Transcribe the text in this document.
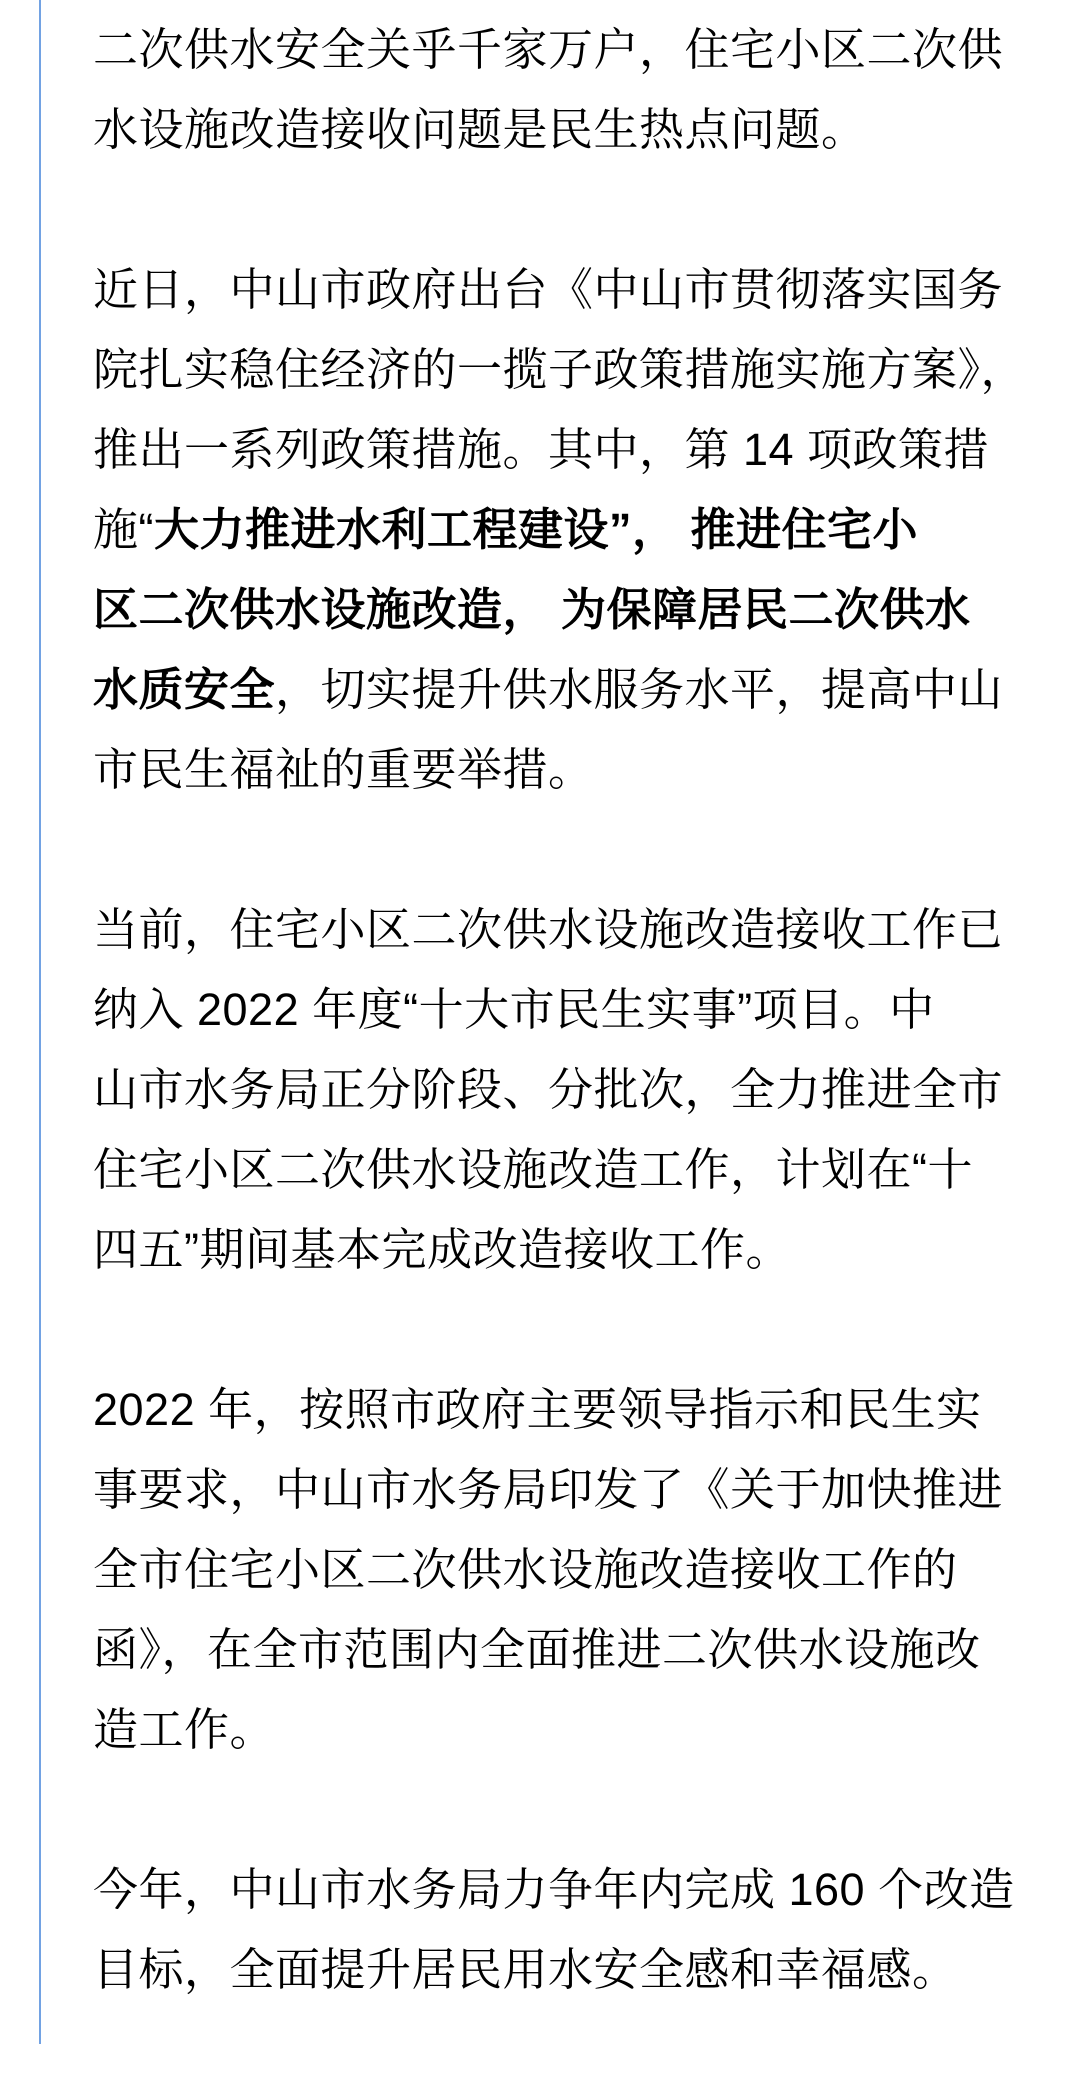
二次供水安全关乎千家万户，住宅小区二次供
水设施改造接收问题是民生热点问题。

近日，中山市政府出台《中山市贯彻落实国务
院扎实稳住经济的一揽子政策措施实施方案》，
推出一系列政策措施。其中，第 14 项政策措
施“大力推进水利工程建设”， 推进住宅小
区二次供水设施改造， 为保障居民二次供水
水质安全，切实提升供水服务水平，提高中山
市民生福祉的重要举措。

当前，住宅小区二次供水设施改造接收工作已
纳入 2022 年度“十大市民生实事”项目。中
山市水务局正分阶段、分批次，全力推进全市
住宅小区二次供水设施改造工作，计划在“十
四五”期间基本完成改造接收工作。

2022 年，按照市政府主要领导指示和民生实
事要求，中山市水务局印发了《关于加快推进
全市住宅小区二次供水设施改造接收工作的
函》，在全市范围内全面推进二次供水设施改
造工作。

今年，中山市水务局力争年内完成 160 个改造
目标，全面提升居民用水安全感和幸福感。
